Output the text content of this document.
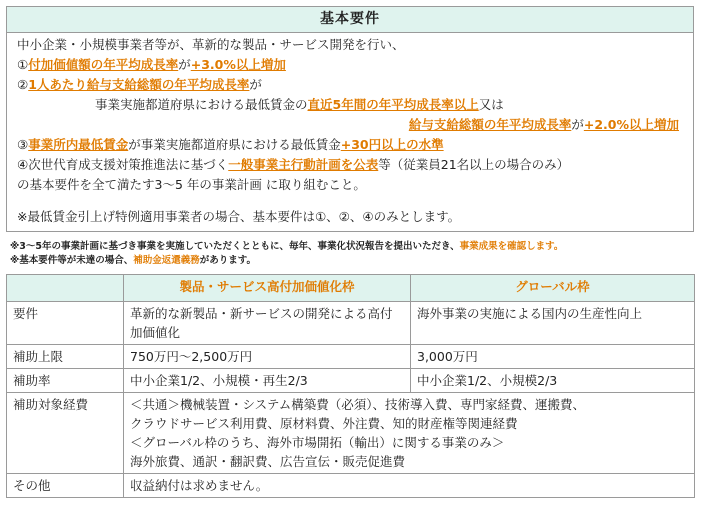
基本要件
中小企業・小規模事業者等が、革新的な製品・サービス開発を行い、
①付加価値額の年平均成長率が+3.0%以上増加
②1人あたり給与支給総額の年平均成長率が
事業実施都道府県における最低賃金の直近5年間の年平均成長率以上又は
給与支給総額の年平均成長率が+2.0%以上増加
③事業所内最低賃金が事業実施都道府県における最低賃金+30円以上の水準
④次世代育成支援対策推進法に基づく一般事業主行動計画を公表等（従業員21名以上の場合のみ）
の基本要件を全て満たす3～5 年の事業計画 に取り組むこと。
※最低賃金引上げ特例適用事業者の場合、基本要件は①、②、④のみとします。
※3～5年の事業計画に基づき事業を実施していただくとともに、毎年、事業化状況報告を提出いただき、事業成果を確認します。
※基本要件等が未達の場合、補助金返還義務があります。
	製品・サービス高付加価値化枠	グローバル枠
要件	革新的な新製品・新サービスの開発による高付加価値化	海外事業の実施による国内の生産性向上
補助上限	750万円～2,500万円	3,000万円
補助率	中小企業1/2、小規模・再生2/3	中小企業1/2、小規模2/3
補助対象経費	＜共通＞機械装置・システム構築費（必須）、技術導入費、専門家経費、運搬費、
クラウドサービス利用費、原材料費、外注費、知的財産権等関連経費
＜グローバル枠のうち、海外市場開拓（輸出）に関する事業のみ＞
海外旅費、通訳・翻訳費、広告宣伝・販売促進費	

その他	収益納付は求めません。	
